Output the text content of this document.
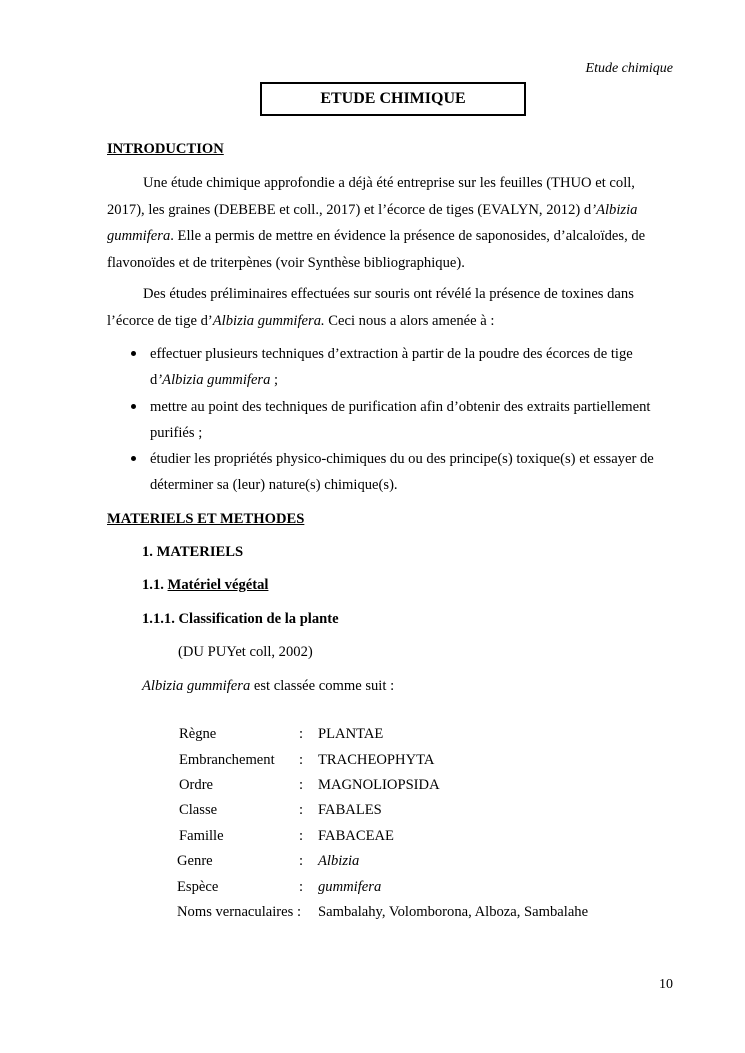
Etude chimique
ETUDE CHIMIQUE
INTRODUCTION
Une étude chimique approfondie a déjà été entreprise sur les feuilles (THUO et coll,
2017), les graines (DEBEBE et coll., 2017) et l’écorce de tiges (EVALYN, 2012) d’Albizia
gummifera. Elle a permis de mettre en évidence la présence de saponosides, d’alcaloïdes, de
flavonoïdes et de triterpènes (voir Synthèse bibliographique).
Des études préliminaires effectuées sur souris ont révélé la présence de toxines dans
l’écorce de tige d’Albizia gummifera. Ceci nous a alors amenée à :
effectuer plusieurs techniques d’extraction à partir de la poudre des écorces de tige
d’Albizia gummifera ;
mettre au point des techniques de purification afin d’obtenir des extraits partiellement
purifiés ;
étudier les propriétés physico-chimiques du ou des principe(s) toxique(s) et essayer de
déterminer sa (leur) nature(s) chimique(s).
MATERIELS ET METHODES
1. MATERIELS
1.1. Matériel végétal
1.1.1. Classification de la plante
(DU PUYet coll, 2002)
Albizia gummifera est classée comme suit :
Règne	: PLANTAE
Embranchement : TRACHEOPHYTA
Ordre	: MAGNOLIOPSIDA
Classe	: FABALES
Famille	: FABACEAE
Genre	: Albizia
Espèce	: gummifera
Noms vernaculaires : Sambalahy, Volomborona, Alboza, Sambalahe
10
